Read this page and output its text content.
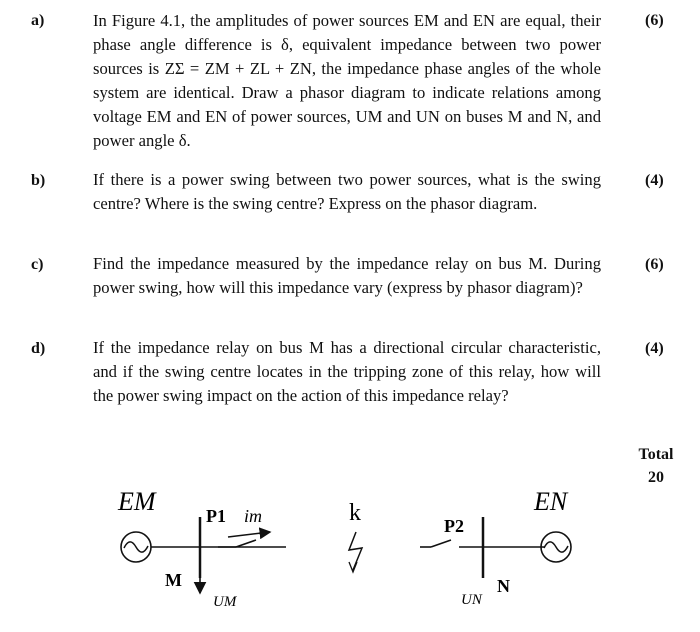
a)	In Figure 4.1, the amplitudes of power sources EM and EN are equal, their phase angle difference is δ, equivalent impedance between two power sources is ZΣ = ZM + ZL + ZN, the impedance phase angles of the whole system are identical. Draw a phasor diagram to indicate relations among voltage EM and EN of power sources, UM and UN on buses M and N, and power angle δ.
(6)
b)	If there is a power swing between two power sources, what is the swing centre? Where is the swing centre? Express on the phasor diagram.
(4)
c)	Find the impedance measured by the impedance relay on bus M. During power swing, how will this impedance vary (express by phasor diagram)?
(6)
d)	If the impedance relay on bus M has a directional circular characteristic, and if the swing centre locates in the tripping zone of this relay, how will the power swing impact on the action of this impedance relay?
(4)
Total
20
EM
M
UM
P1 im	k	P2
UN
N
EN
